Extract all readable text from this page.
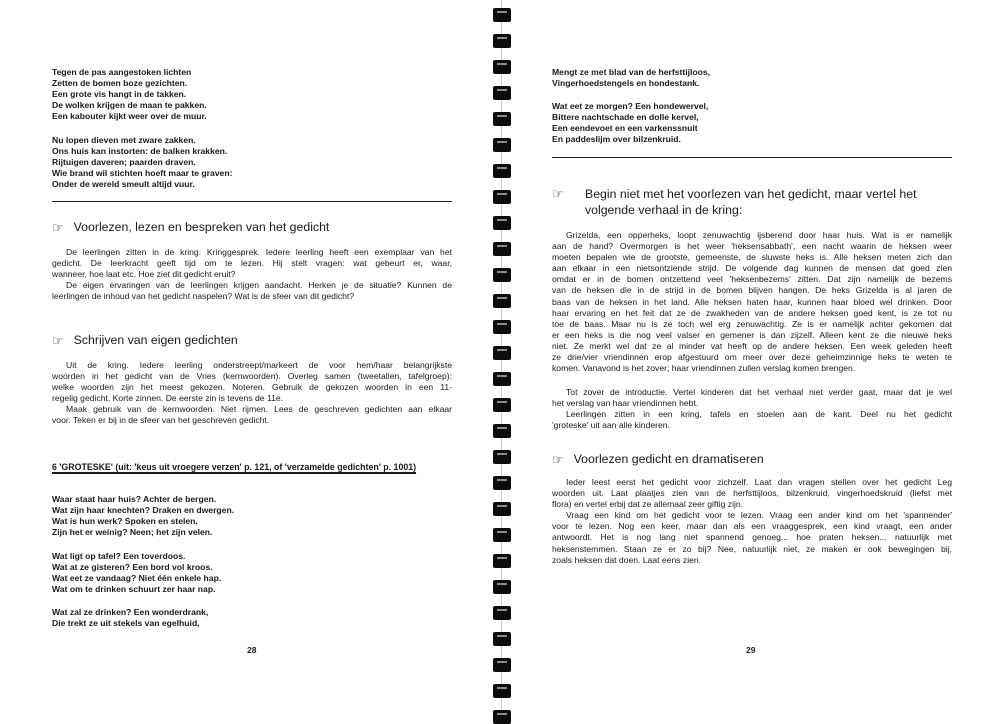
Tegen de pas aangestoken lichten
Zetten de bomen boze gezichten.
Een grote vis hangt in de takken.
De wolken krijgen de maan te pakken.
Een kabouter kijkt weer over de muur.
Nu lopen dieven met zware zakken.
Ons huis kan instorten: de balken krakken.
Rijtuigen daveren; paarden draven.
Wie brand wil stichten hoeft maar te graven:
Onder de wereld smeult altijd vuur.
☞ Voorlezen, lezen en bespreken van het gedicht
De leerlingen zitten in de kring. Kringgesprek. Iedere leerling heeft een exemplaar van het
gedicht. De leerkracht geeft tijd om te lezen. Hij stelt vragen: wat gebeurt er, waar,
wanneer, hoe laat etc. Hoe ziet dit gedicht eruit?
De eigen ervaringen van de leerlingen krijgen aandacht. Herken je de situatie? Kunnen de
leerlingen de inhoud van het gedicht naspelen? Wat is de sfeer van dit gedicht?
☞ Schrijven van eigen gedichten
Uit de kring. Iedere leerling onderstreept/markeert de voor hem/haar belangrijkste
woorden in het gedicht van de Vries (kernwoorden). Overleg samen (tweetallen, tafelgroep):
welke woorden zijn het meest gekozen. Noteren. Gebruik de gekozen woorden in een 11-
regelig gedicht. Korte zinnen. De eerste zin is tevens de 11e.
Maak gebruik van de kernwoorden. Niet rijmen. Lees de geschreven gedichten aan elkaar
voor. Teken er bij in de sfeer van het geschreven gedicht.
6 'GROTESKE' (uit: 'keus uit vroegere verzen' p. 121, of 'verzamelde gedichten' p. 1001)
Waar staat haar huis? Achter de bergen.
Wat zijn haar knechten? Draken en dwergen.
Wat is hun werk? Spoken en stelen.
Zijn het er weinig? Neen; het zijn velen.
Wat ligt op tafel? Een toverdoos.
Wat at ze gisteren? Een bord vol kroos.
Wat eet ze vandaag? Niet één enkele hap.
Wat om te drinken schuurt zer haar nap.
Wat zal ze drinken? Een wonderdrank,
Die trekt ze uit stekels van egelhuid,
28
Mengt ze met blad van de herfsttijloos,
Vingerhoedstengels en hondestank.
Wat eet ze morgen? Een hondewervel,
Bittere nachtschade en dolle kervel,
Een eendevoet en een varkenssnuit
En paddeslijm over bilzenkruid.
☞ Begin niet met het voorlezen van het gedicht, maar vertel het
volgende verhaal in de kring:
Grizelda, een opperheks, loopt zenuwachtig ijsberend door haar huis. Wat is er namelijk
aan de hand? Overmorgen is het weer 'heksensabbath', een nacht waarin de heksen weer
moeten bepalen wie de grootste, gemeenste, de sluwste heks is. Alle heksen meten zich dan
aan elkaar in een nietsontziende strijd. De volgende dag kunnen de mensen dat goed zien
omdat er in de bomen ontzettend veel 'heksenbezems' zitten. Dat zijn namelijk de bezems
van de heksen die in de strijd in de bomen blijven hangen. De heks Grizelda is al jaren de
baas van de heksen in het land. Alle heksen haten haar, kunnen haar bloed wel drinken. Door
haar ervaring en het feit dat ze de zwakheden van de andere heksen goed kent, is ze tot nu
toe de baas. Maar nu is ze toch wel erg zenuwachtig. Ze is er namelijk achter gekomen dat
er een heks is die nog veel valser en gemener is dan zijzelf. Alleen kent ze die nieuwe heks
niet. Ze merkt wel dat ze al minder vat heeft op de andere heksen. Een week geleden heeft
ze drie/vier vriendinnen erop afgestuurd om meer over deze geheimzinnige heks te weten te
komen. Vanavond is het zover; haar vriendinnen zullen verslag komen brengen.
Tot zover de introductie. Vertel kinderen dat het verhaal niet verder gaat, maar dat je wel
het verslag van haar vriendinnen hebt.
Leerlingen zitten in een kring, tafels en stoelen aan de kant. Deel nu het gedicht
'groteske' uit aan alle kinderen.
☞ Voorlezen gedicht en dramatiseren
Ieder leest eerst het gedicht voor zichzelf. Laat dan vragen stellen over het gedicht Leg
woorden uit. Laat plaatjes zien van de herfsttijloos, bilzenkruid, vingerhoedskruid (liefst met
flora) en vertel erbij dat ze allemaal zeer giftig zijn.
Vraag een kind om het gedicht voor te lezen. Vraag een ander kind om het 'spannender'
voor te lezen. Nog een keer, maar dan als een vraaggesprek, een kind vraagt, een ander
antwoordt. Het is nog lang niet spannend genoeg... hoe praten heksen... natuurlijk met
heksenstemmen. Staan ze er zo bij? Nee, natuurlijk niet, ze maken er ook bewegingen bij,
zoals heksen dat doen. Laat eens zien.
29
